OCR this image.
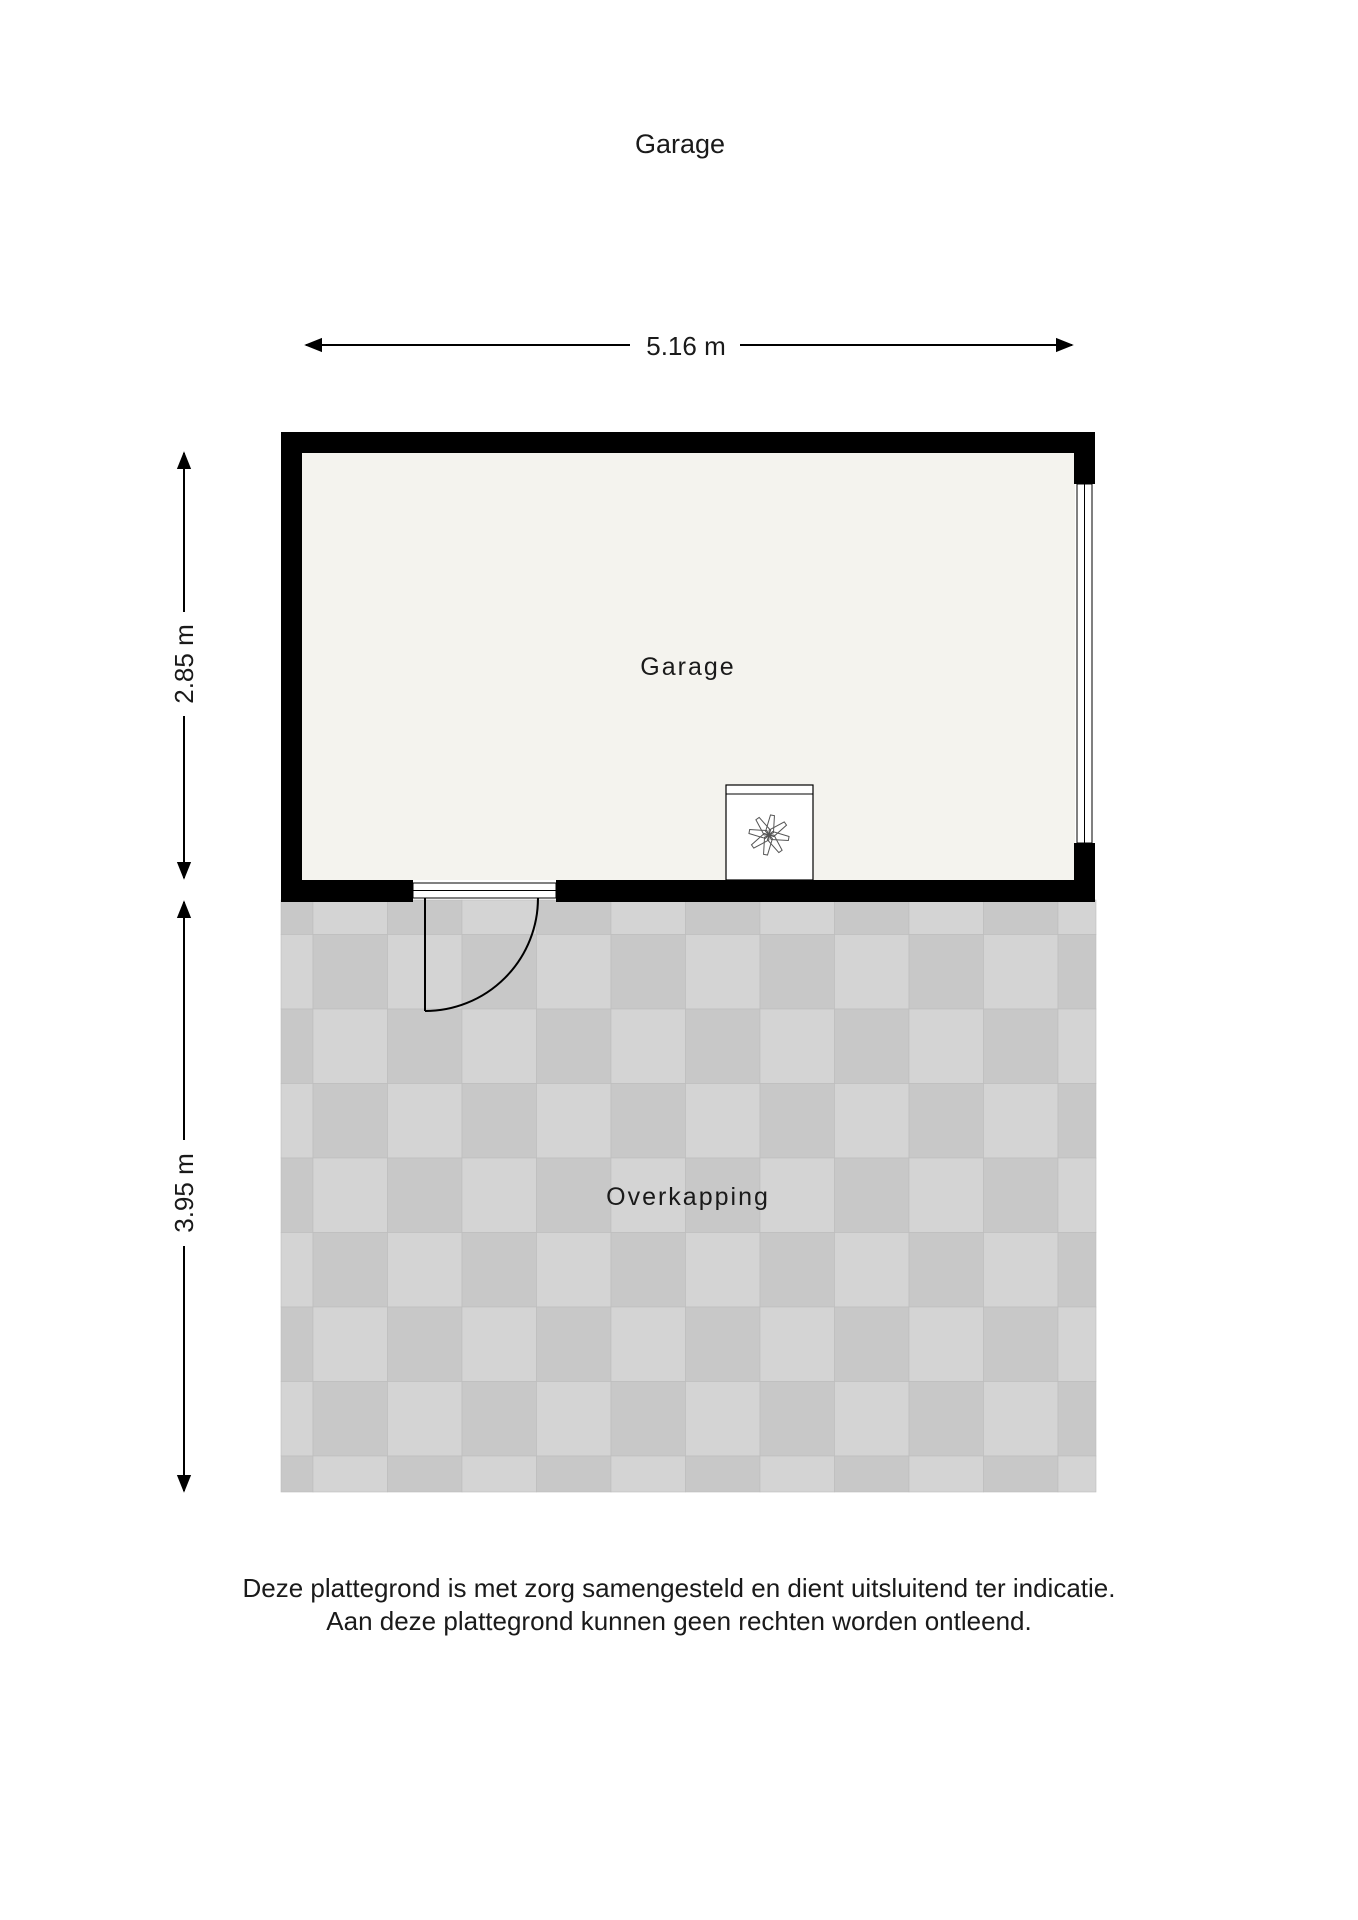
Garage
5.16 m
2.85 m
3.95 m
Garage
Overkapping
Deze plattegrond is met zorg samengesteld en dient uitsluitend ter indicatie.
Aan deze plattegrond kunnen geen rechten worden ontleend.
